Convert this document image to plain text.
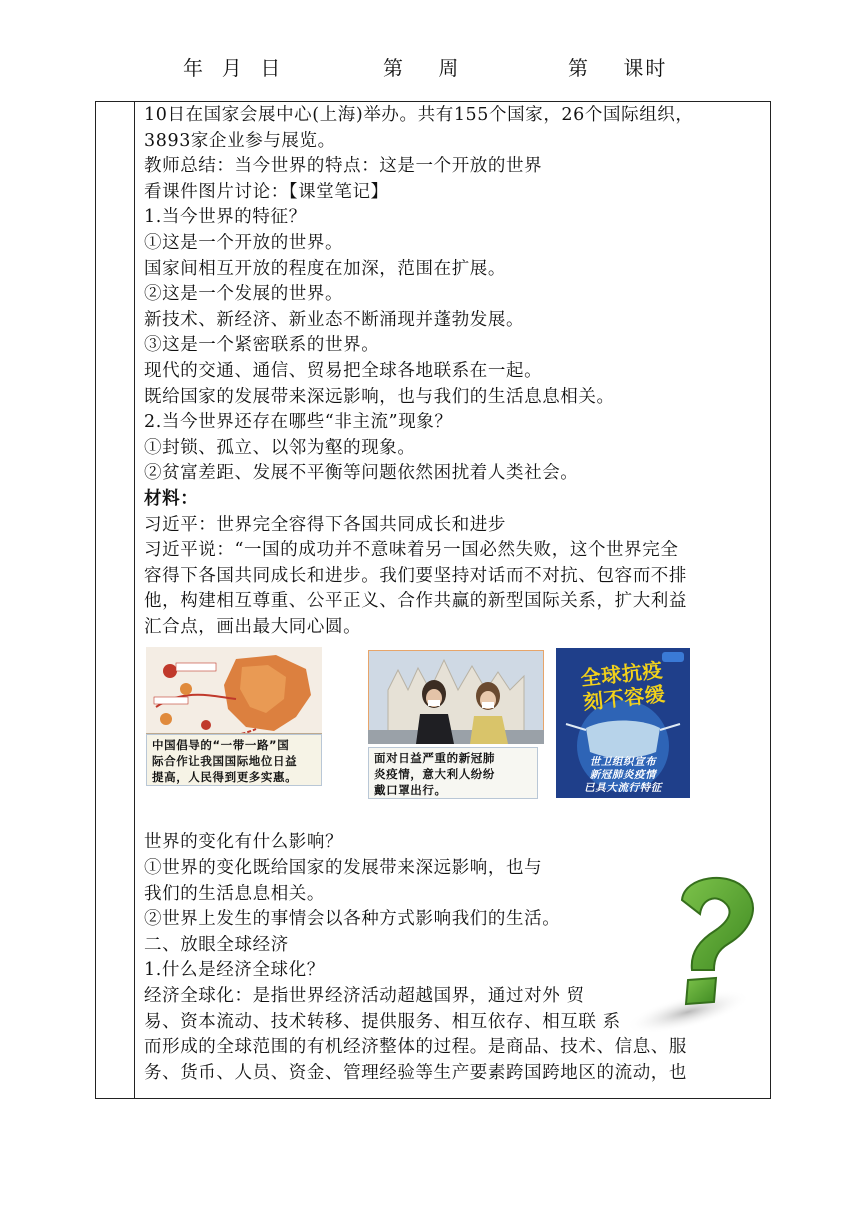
年  月  日	第    周	第    课时

10日在国家会展中心(上海)举办。共有155个国家，26个国际组织，

3893家企业参与展览。

教师总结：当今世界的特点：这是一个开放的世界

看课件图片讨论：【课堂笔记】

1.当今世界的特征？

①这是一个开放的世界。

国家间相互开放的程度在加深，范围在扩展。

②这是一个发展的世界。

新技术、新经济、新业态不断涌现并蓬勃发展。

③这是一个紧密联系的世界。

现代的交通、通信、贸易把全球各地联系在一起。

既给国家的发展带来深远影响，也与我们的生活息息相关。

2.当今世界还存在哪些“非主流”现象？

①封锁、孤立、以邻为壑的现象。

②贫富差距、发展不平衡等问题依然困扰着人类社会。

材料：

习近平：世界完全容得下各国共同成长和进步

习近平说：“一国的成功并不意味着另一国必然失败，这个世界完全

容得下各国共同成长和进步。我们要坚持对话而不对抗、包容而不排

他，构建相互尊重、公平正义、合作共赢的新型国际关系，扩大利益

汇合点，画出最大同心圆。

中国倡导的“一带一路”国
际合作让我国国际地位日益
提高，人民得到更多实惠。
面对日益严重的新冠肺
炎疫情，意大利人纷纷
戴口罩出行。
全球抗疫
刻不容缓
世卫组织宣布
新冠肺炎疫情
已具大流行特征

世界的变化有什么影响？

①世界的变化既给国家的发展带来深远影响，也与

我们的生活息息相关。

②世界上发生的事情会以各种方式影响我们的生活。

二、放眼全球经济

1.什么是经济全球化？

经济全球化：是指世界经济活动超越国界，通过对外 贸

易、资本流动、技术转移、提供服务、相互依存、相互联 系

而形成的全球范围的有机经济整体的过程。是商品、技术、信息、服

务、货币、人员、资金、管理经验等生产要素跨国跨地区的流动，也
